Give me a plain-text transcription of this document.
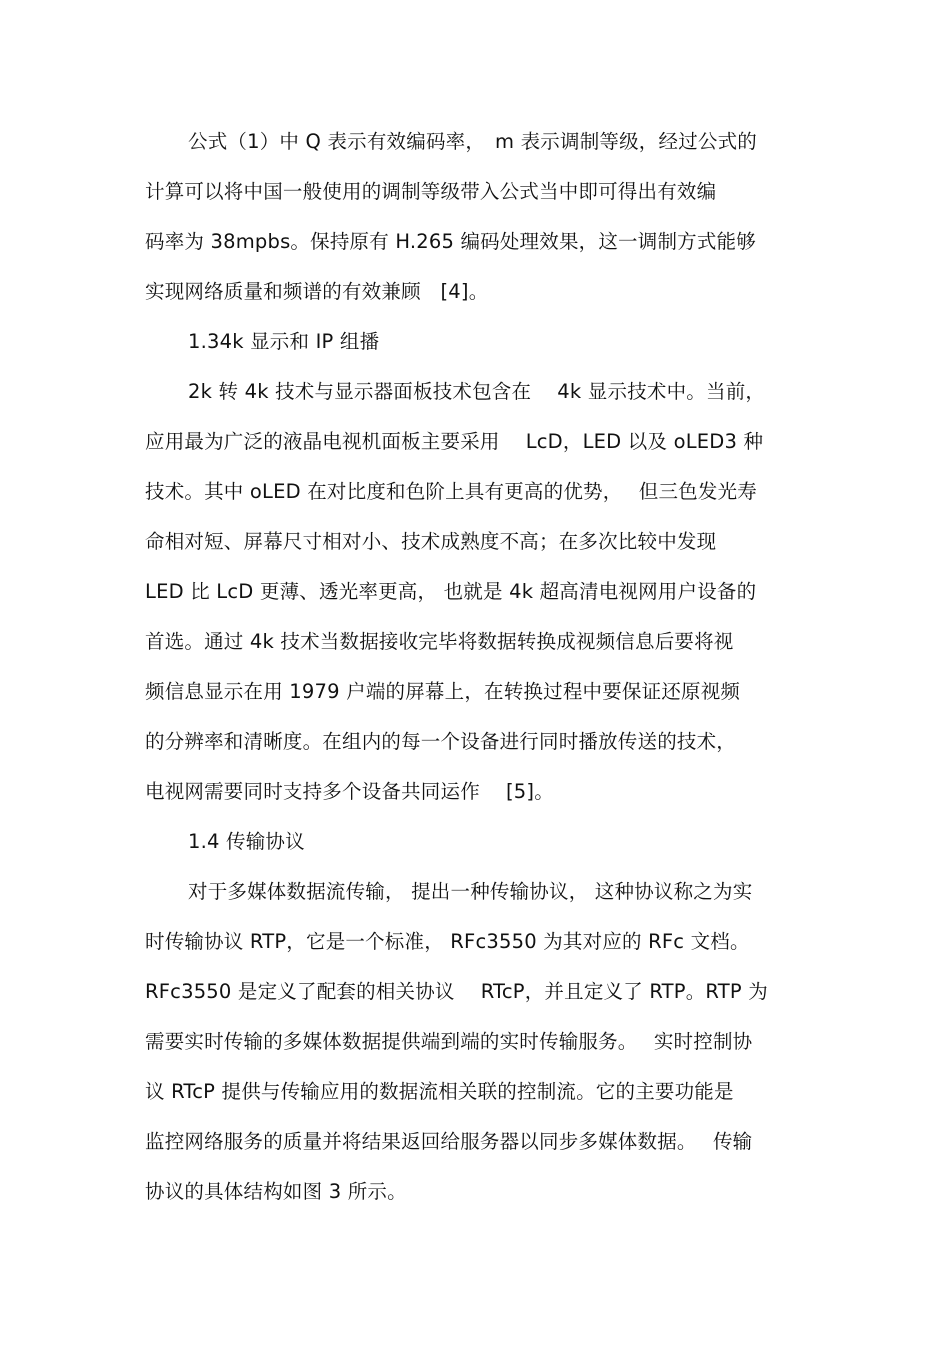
公式（1）中 Q 表示有效编码率，　m 表示调制等级，经过公式的
计算可以将中国一般使用的调制等级带入公式当中即可得出有效编
码率为 38mpbs。保持原有 H.265 编码处理效果，这一调制方式能够
实现网络质量和频谱的有效兼顾　[4]。
1.34k 显示和 IP 组播
2k 转 4k 技术与显示器面板技术包含在　 4k 显示技术中。当前，
应用最为广泛的液晶电视机面板主要采用　 LcD，LED 以及 oLED3 种
技术。其中 oLED 在对比度和色阶上具有更高的优势，　 但三色发光寿
命相对短、屏幕尺寸相对小、技术成熟度不高；在多次比较中发现
LED 比 LcD 更薄、透光率更高， 也就是 4k 超高清电视网用户设备的
首选。通过 4k 技术当数据接收完毕将数据转换成视频信息后要将视
频信息显示在用 1979 户端的屏幕上，在转换过程中要保证还原视频
的分辨率和清晰度。在组内的每一个设备进行同时播放传送的技术，
电视网需要同时支持多个设备共同运作　 [5]。
1.4 传输协议
对于多媒体数据流传输， 提出一种传输协议， 这种协议称之为实
时传输协议 RTP，它是一个标准， RFc3550 为其对应的 RFc 文档。
RFc3550 是定义了配套的相关协议　 RTcP，并且定义了 RTP。RTP 为
需要实时传输的多媒体数据提供端到端的实时传输服务。　 实时控制协
议 RTcP 提供与传输应用的数据流相关联的控制流。它的主要功能是
监控网络服务的质量并将结果返回给服务器以同步多媒体数据。　 传输
协议的具体结构如图 3 所示。
